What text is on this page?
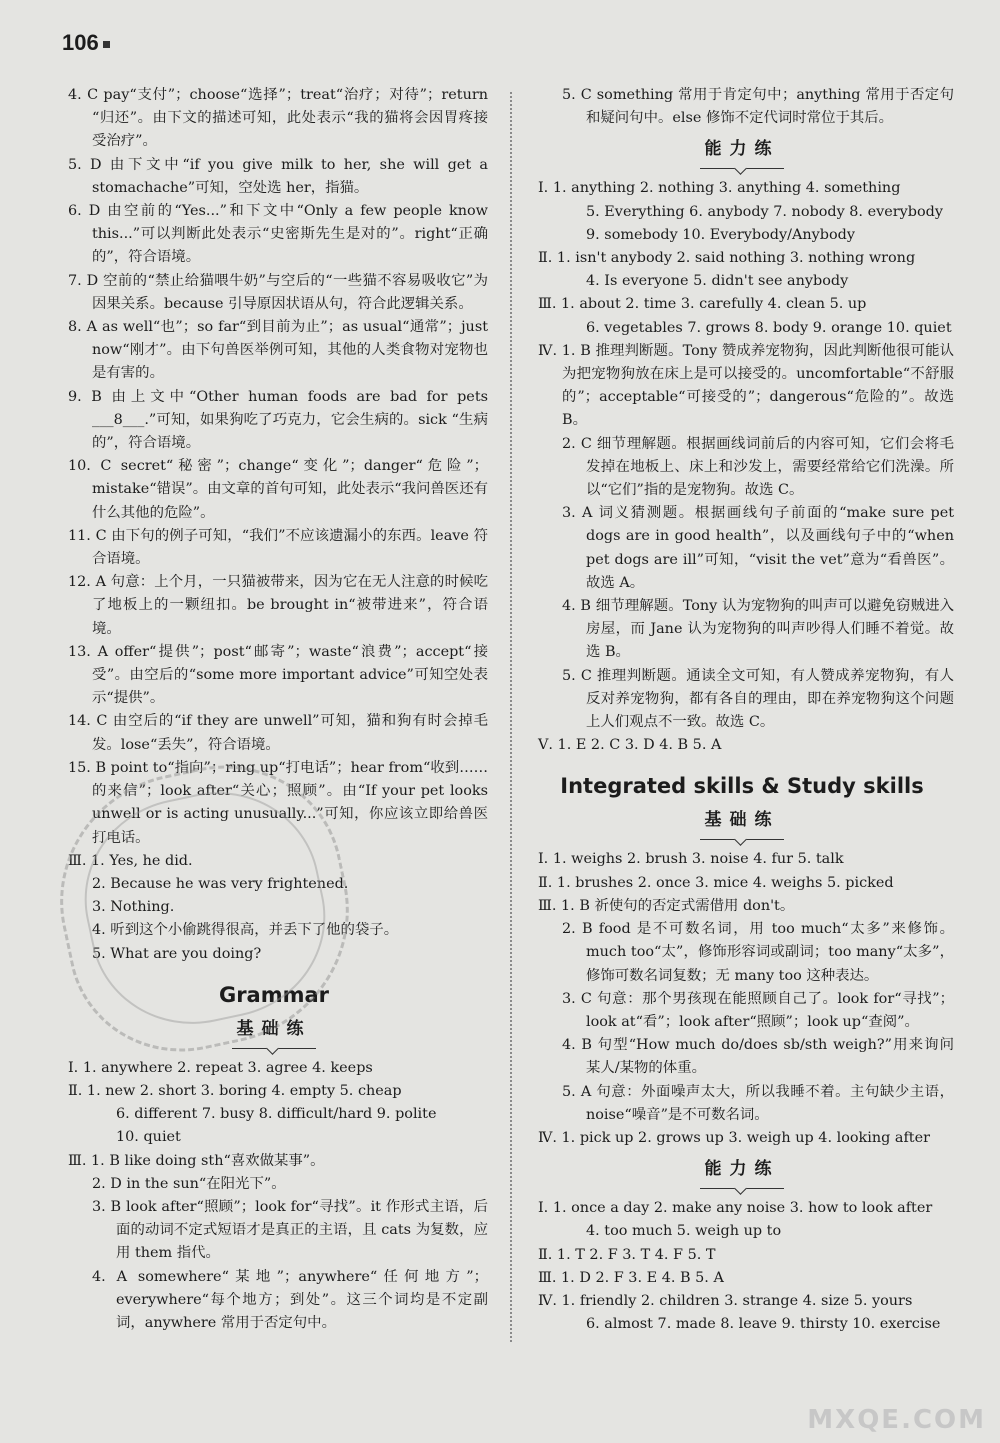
106
4. C pay“支付”；choose“选择”；treat“治疗；对待”；return “归还”。由下文的描述可知，此处表示“我的猫将会因胃疼接受治疗”。
5. D 由下文中“if you give milk to her, she will get a stomachache”可知，空处选 her，指猫。
6. D 由空前的“Yes...”和下文中“Only a few people know this...”可以判断此处表示“史密斯先生是对的”。right“正确的”，符合语境。
7. D 空前的“禁止给猫喂牛奶”与空后的“一些猫不容易吸收它”为因果关系。because 引导原因状语从句，符合此逻辑关系。
8. A as well“也”；so far“到目前为止”；as usual“通常”；just now“刚才”。由下句兽医举例可知，其他的人类食物对宠物也是有害的。
9. B 由上文中“Other human foods are bad for pets ___8___.”可知，如果狗吃了巧克力，它会生病的。sick “生病的”，符合语境。
10. C secret“秘密”；change“变化”；danger“危险”；mistake“错误”。由文章的首句可知，此处表示“我问兽医还有什么其他的危险”。
11. C 由下句的例子可知，“我们”不应该遗漏小的东西。leave 符合语境。
12. A 句意：上个月，一只猫被带来，因为它在无人注意的时候吃了地板上的一颗纽扣。be brought in“被带进来”，符合语境。
13. A offer“提供”；post“邮寄”；waste“浪费”；accept“接受”。由空后的“some more important advice”可知空处表示“提供”。
14. C 由空后的“if they are unwell”可知，猫和狗有时会掉毛发。lose“丢失”，符合语境。
15. B point to“指向”；ring up“打电话”；hear from“收到……的来信”；look after“关心；照顾”。由“If your pet looks unwell or is acting unusually...”可知，你应该立即给兽医打电话。
Ⅲ. 1. Yes, he did.
2. Because he was very frightened.
3. Nothing.
4. 听到这个小偷跳得很高，并丢下了他的袋子。
5. What are you doing?
Grammar
基础练
Ⅰ. 1. anywhere 2. repeat 3. agree 4. keeps
Ⅱ. 1. new 2. short 3. boring 4. empty 5. cheap
6. different 7. busy 8. difficult/hard 9. polite
10. quiet
Ⅲ. 1. B like doing sth“喜欢做某事”。
2. D in the sun“在阳光下”。
3. B look after“照顾”；look for“寻找”。it 作形式主语，后面的动词不定式短语才是真正的主语，且 cats 为复数，应用 them 指代。
4. A somewhere“某地”；anywhere“任何地方”；everywhere“每个地方；到处”。这三个词均是不定副词，anywhere 常用于否定句中。
5. C something 常用于肯定句中；anything 常用于否定句和疑问句中。else 修饰不定代词时常位于其后。
能力练
Ⅰ. 1. anything 2. nothing 3. anything 4. something
5. Everything 6. anybody 7. nobody 8. everybody
9. somebody 10. Everybody/Anybody
Ⅱ. 1. isn't anybody 2. said nothing 3. nothing wrong
4. Is everyone 5. didn't see anybody
Ⅲ. 1. about 2. time 3. carefully 4. clean 5. up
6. vegetables 7. grows 8. body 9. orange 10. quiet
Ⅳ. 1. B 推理判断题。Tony 赞成养宠物狗，因此判断他很可能认为把宠物狗放在床上是可以接受的。uncomfortable“不舒服的”；acceptable“可接受的”；dangerous“危险的”。故选 B。
2. C 细节理解题。根据画线词前后的内容可知，它们会将毛发掉在地板上、床上和沙发上，需要经常给它们洗澡。所以“它们”指的是宠物狗。故选 C。
3. A 词义猜测题。根据画线句子前面的“make sure pet dogs are in good health”，以及画线句子中的“when pet dogs are ill”可知，“visit the vet”意为“看兽医”。故选 A。
4. B 细节理解题。Tony 认为宠物狗的叫声可以避免窃贼进入房屋，而 Jane 认为宠物狗的叫声吵得人们睡不着觉。故选 B。
5. C 推理判断题。通读全文可知，有人赞成养宠物狗，有人反对养宠物狗，都有各自的理由，即在养宠物狗这个问题上人们观点不一致。故选 C。
Ⅴ. 1. E 2. C 3. D 4. B 5. A
Integrated skills & Study skills
基础练
Ⅰ. 1. weighs 2. brush 3. noise 4. fur 5. talk
Ⅱ. 1. brushes 2. once 3. mice 4. weighs 5. picked
Ⅲ. 1. B 祈使句的否定式需借用 don't。
2. B food 是不可数名词，用 too much“太多”来修饰。much too“太”，修饰形容词或副词；too many“太多”，修饰可数名词复数；无 many too 这种表达。
3. C 句意：那个男孩现在能照顾自己了。look for“寻找”；look at“看”；look after“照顾”；look up“查阅”。
4. B 句型“How much do/does sb/sth weigh?”用来询问某人/某物的体重。
5. A 句意：外面噪声太大，所以我睡不着。主句缺少主语，noise“噪音”是不可数名词。
Ⅳ. 1. pick up 2. grows up 3. weigh up 4. looking after
能力练
Ⅰ. 1. once a day 2. make any noise 3. how to look after
4. too much 5. weigh up to
Ⅱ. 1. T 2. F 3. T 4. F 5. T
Ⅲ. 1. D 2. F 3. E 4. B 5. A
Ⅳ. 1. friendly 2. children 3. strange 4. size 5. yours
6. almost 7. made 8. leave 9. thirsty 10. exercise
MXQE.COM
